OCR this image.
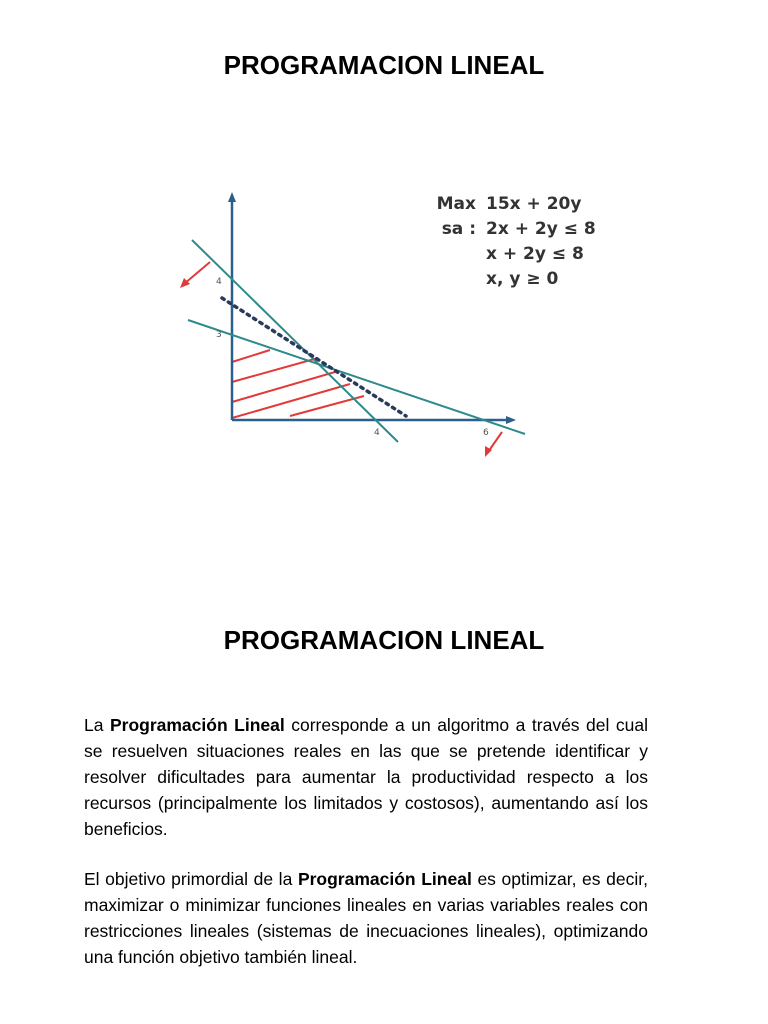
PROGRAMACION LINEAL
4
3
4	6
Max 15x + 20y
sa : 2x + 2y ≤ 8
x + 2y ≤ 8
x, y ≥ 0
PROGRAMACION LINEAL

La Programación Lineal corresponde a un algoritmo a través del cual se resuelven situaciones reales en las que se pretende identificar y resolver dificultades para aumentar la productividad respecto a los recursos (principalmente los limitados y costosos), aumentando así los beneficios.

El objetivo primordial de la Programación Lineal es optimizar, es decir, maximizar o minimizar funciones lineales en varias variables reales con restricciones lineales (sistemas de inecuaciones lineales), optimizando una función objetivo también lineal.
